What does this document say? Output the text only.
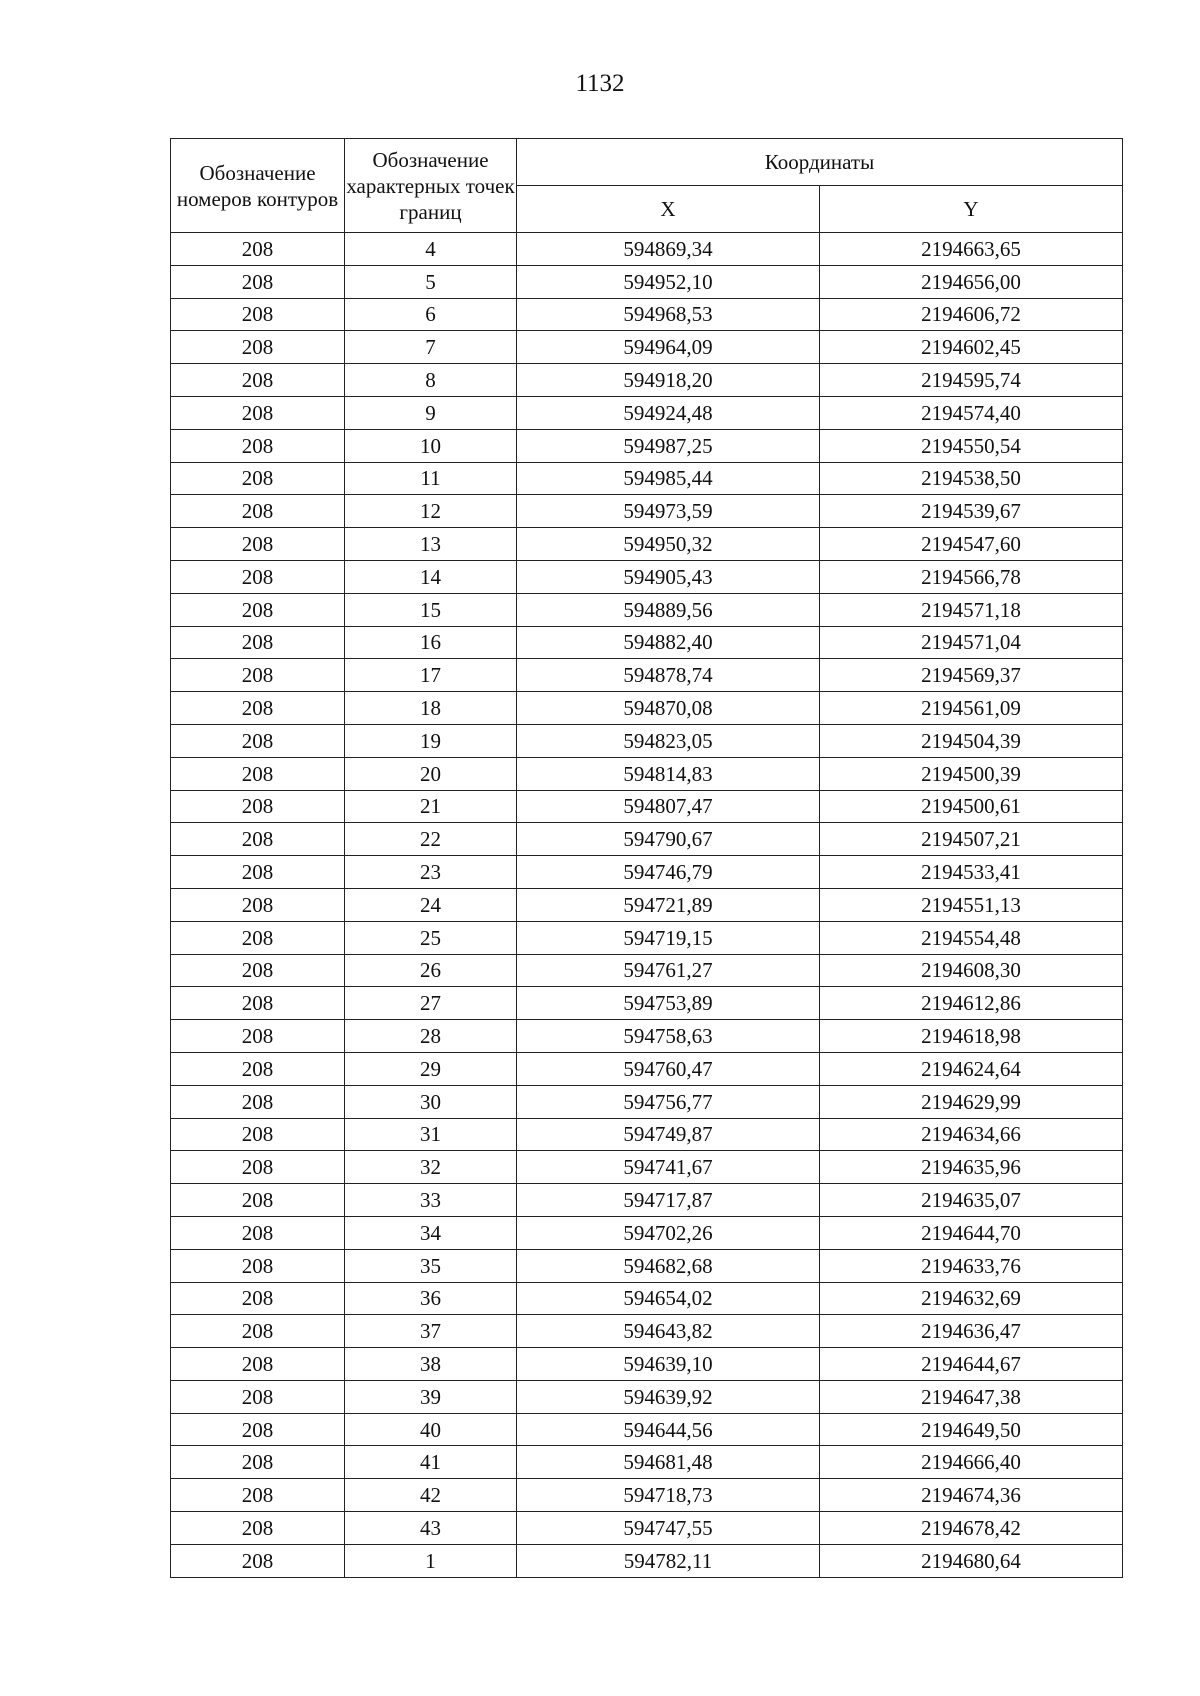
1132
Обозначение номеров контуров	Обозначение характерных точек границ	Координаты	
		X	Y
208	4	594869,34	2194663,65
208	5	594952,10	2194656,00
208	6	594968,53	2194606,72
208	7	594964,09	2194602,45
208	8	594918,20	2194595,74
208	9	594924,48	2194574,40
208	10	594987,25	2194550,54
208	11	594985,44	2194538,50
208	12	594973,59	2194539,67
208	13	594950,32	2194547,60
208	14	594905,43	2194566,78
208	15	594889,56	2194571,18
208	16	594882,40	2194571,04
208	17	594878,74	2194569,37
208	18	594870,08	2194561,09
208	19	594823,05	2194504,39
208	20	594814,83	2194500,39
208	21	594807,47	2194500,61
208	22	594790,67	2194507,21
208	23	594746,79	2194533,41
208	24	594721,89	2194551,13
208	25	594719,15	2194554,48
208	26	594761,27	2194608,30
208	27	594753,89	2194612,86
208	28	594758,63	2194618,98
208	29	594760,47	2194624,64
208	30	594756,77	2194629,99
208	31	594749,87	2194634,66
208	32	594741,67	2194635,96
208	33	594717,87	2194635,07
208	34	594702,26	2194644,70
208	35	594682,68	2194633,76
208	36	594654,02	2194632,69
208	37	594643,82	2194636,47
208	38	594639,10	2194644,67
208	39	594639,92	2194647,38
208	40	594644,56	2194649,50
208	41	594681,48	2194666,40
208	42	594718,73	2194674,36
208	43	594747,55	2194678,42
208	1	594782,11	2194680,64
